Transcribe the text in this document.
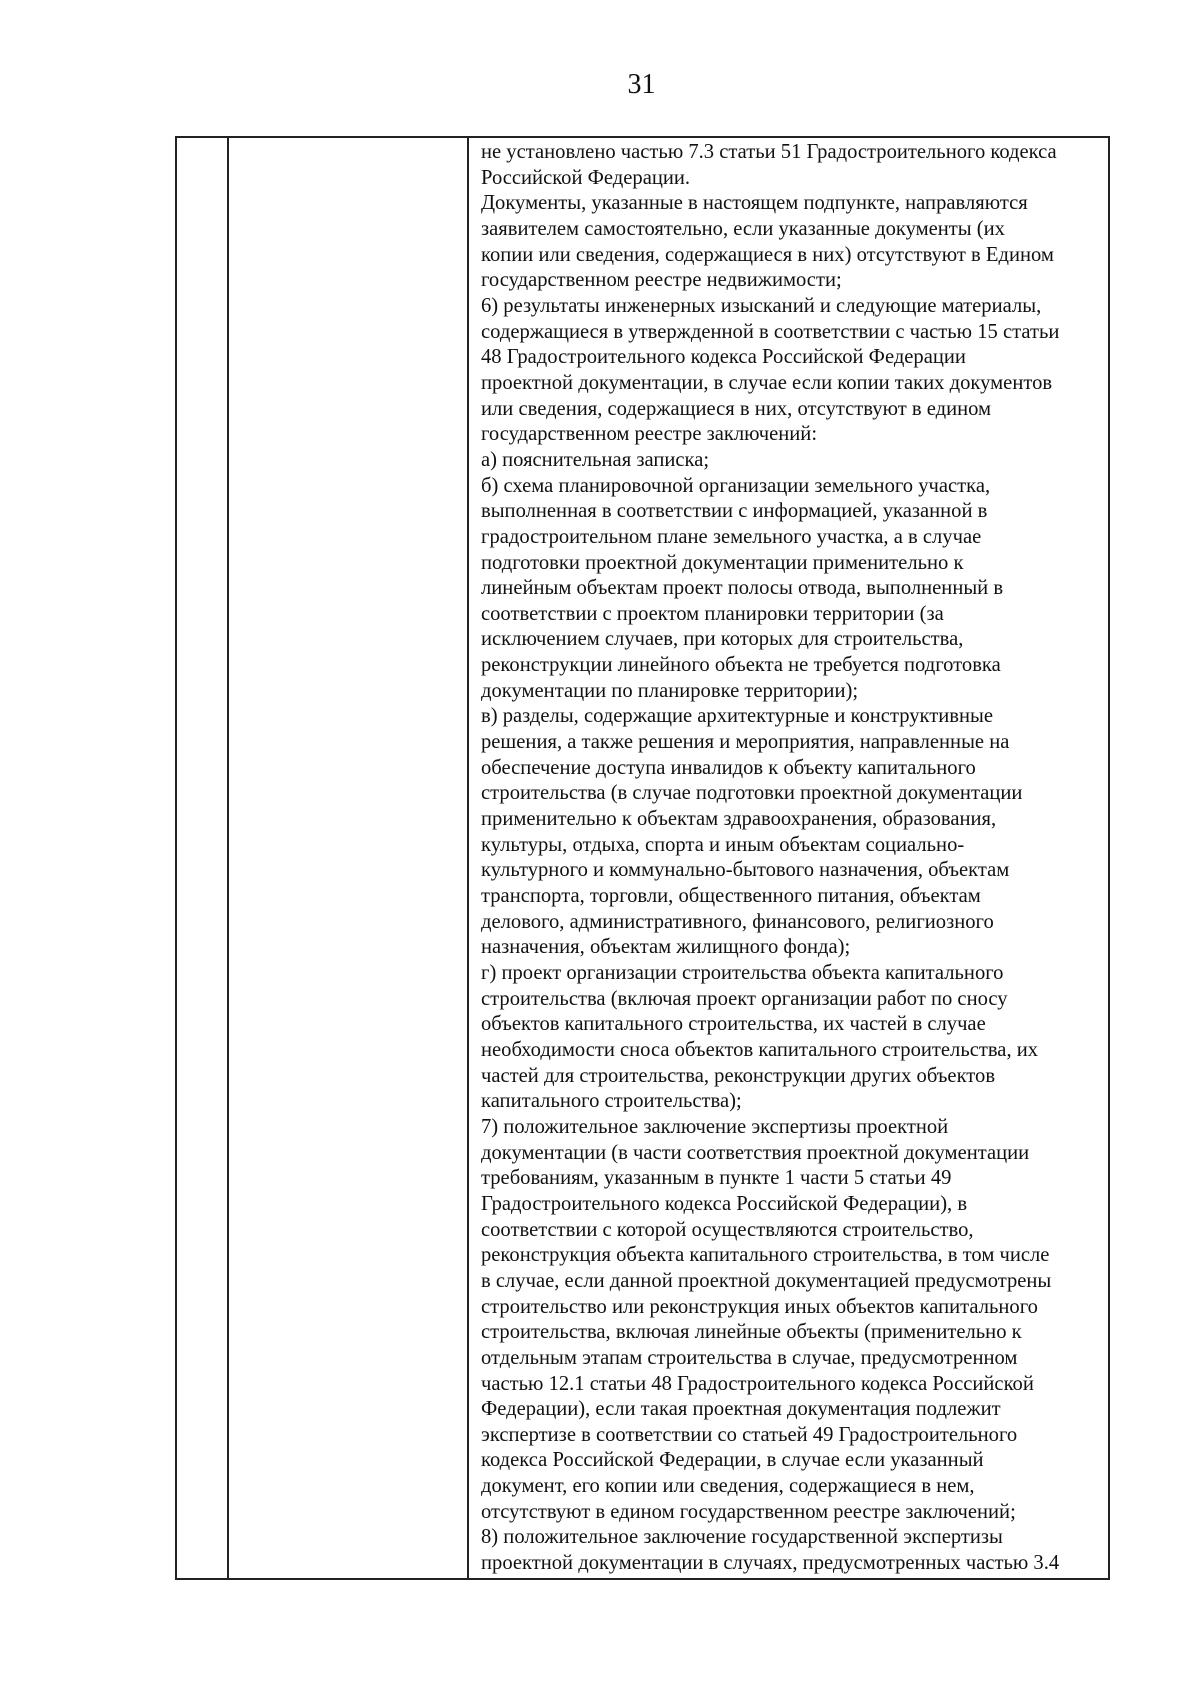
31
не установлено частью 7.3 статьи 51 Градостроительного кодекса
Российской Федерации.
Документы, указанные в настоящем подпункте, направляются
заявителем самостоятельно, если указанные документы (их
копии или сведения, содержащиеся в них) отсутствуют в Едином
государственном реестре недвижимости;
6) результаты инженерных изысканий и следующие материалы,
содержащиеся в утвержденной в соответствии с частью 15 статьи
48 Градостроительного кодекса Российской Федерации
проектной документации, в случае если копии таких документов
или сведения, содержащиеся в них, отсутствуют в едином
государственном реестре заключений:
а) пояснительная записка;
б) схема планировочной организации земельного участка,
выполненная в соответствии с информацией, указанной в
градостроительном плане земельного участка, а в случае
подготовки проектной документации применительно к
линейным объектам проект полосы отвода, выполненный в
соответствии с проектом планировки территории (за
исключением случаев, при которых для строительства,
реконструкции линейного объекта не требуется подготовка
документации по планировке территории);
в) разделы, содержащие архитектурные и конструктивные
решения, а также решения и мероприятия, направленные на
обеспечение доступа инвалидов к объекту капитального
строительства (в случае подготовки проектной документации
применительно к объектам здравоохранения, образования,
культуры, отдыха, спорта и иным объектам социально-
культурного и коммунально-бытового назначения, объектам
транспорта, торговли, общественного питания, объектам
делового, административного, финансового, религиозного
назначения, объектам жилищного фонда);
г) проект организации строительства объекта капитального
строительства (включая проект организации работ по сносу
объектов капитального строительства, их частей в случае
необходимости сноса объектов капитального строительства, их
частей для строительства, реконструкции других объектов
капитального строительства);
7) положительное заключение экспертизы проектной
документации (в части соответствия проектной документации
требованиям, указанным в пункте 1 части 5 статьи 49
Градостроительного кодекса Российской Федерации), в
соответствии с которой осуществляются строительство,
реконструкция объекта капитального строительства, в том числе
в случае, если данной проектной документацией предусмотрены
строительство или реконструкция иных объектов капитального
строительства, включая линейные объекты (применительно к
отдельным этапам строительства в случае, предусмотренном
частью 12.1 статьи 48 Градостроительного кодекса Российской
Федерации), если такая проектная документация подлежит
экспертизе в соответствии со статьей 49 Градостроительного
кодекса Российской Федерации, в случае если указанный
документ, его копии или сведения, содержащиеся в нем,
отсутствуют в едином государственном реестре заключений;
8) положительное заключение государственной экспертизы
проектной документации в случаях, предусмотренных частью 3.4
